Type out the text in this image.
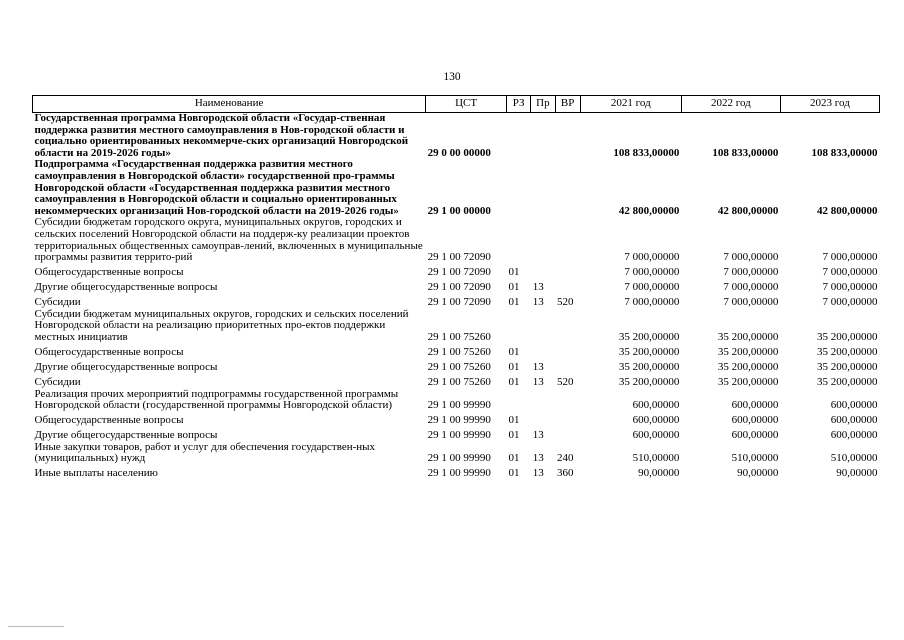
130
Наименование	ЦСТ	РЗ	Пр	ВР	2021 год	2022 год	2023 год
Государственная программа Новгородской области «Государ-ственная поддержка развития местного самоуправления в Нов-городской области и социально ориентированных некоммерче-ских организаций Новгородской области на 2019-2026 годы»	29 0 00 00000				108 833,00000	108 833,00000	108 833,00000
Подпрограмма «Государственная поддержка развития местного самоуправления в Новгородской области» государственной про-граммы Новгородской области «Государственная поддержка развития местного самоуправления в Новгородской области и социально ориентированных некоммерческих организаций Нов-городской области на 2019-2026 годы»	29 1 00 00000				42 800,00000	42 800,00000	42 800,00000
Субсидии бюджетам городского округа, муниципальных округов, городских и сельских поселений Новгородской области на поддерж-ку реализации проектов территориальных общественных самоуправ-лений, включенных в муниципальные программы развития террито-рий	29 1 00 72090				7 000,00000	7 000,00000	7 000,00000
Общегосударственные вопросы	29 1 00 72090	01			7 000,00000	7 000,00000	7 000,00000
Другие общегосударственные вопросы	29 1 00 72090	01	13		7 000,00000	7 000,00000	7 000,00000
Субсидии	29 1 00 72090	01	13	520	7 000,00000	7 000,00000	7 000,00000
Субсидии бюджетам муниципальных округов, городских и сельских поселений Новгородской области на реализацию приоритетных про-ектов поддержки местных инициатив	29 1 00 75260				35 200,00000	35 200,00000	35 200,00000
Общегосударственные вопросы	29 1 00 75260	01			35 200,00000	35 200,00000	35 200,00000
Другие общегосударственные вопросы	29 1 00 75260	01	13		35 200,00000	35 200,00000	35 200,00000
Субсидии	29 1 00 75260	01	13	520	35 200,00000	35 200,00000	35 200,00000
Реализация прочих мероприятий подпрограммы государственной программы Новгородской области (государственной программы Новгородской области)	29 1 00 99990				600,00000	600,00000	600,00000
Общегосударственные вопросы	29 1 00 99990	01			600,00000	600,00000	600,00000
Другие общегосударственные вопросы	29 1 00 99990	01	13		600,00000	600,00000	600,00000
Иные закупки товаров, работ и услуг для обеспечения государствен-ных (муниципальных) нужд	29 1 00 99990	01	13	240	510,00000	510,00000	510,00000
Иные выплаты населению	29 1 00 99990	01	13	360	90,00000	90,00000	90,00000
